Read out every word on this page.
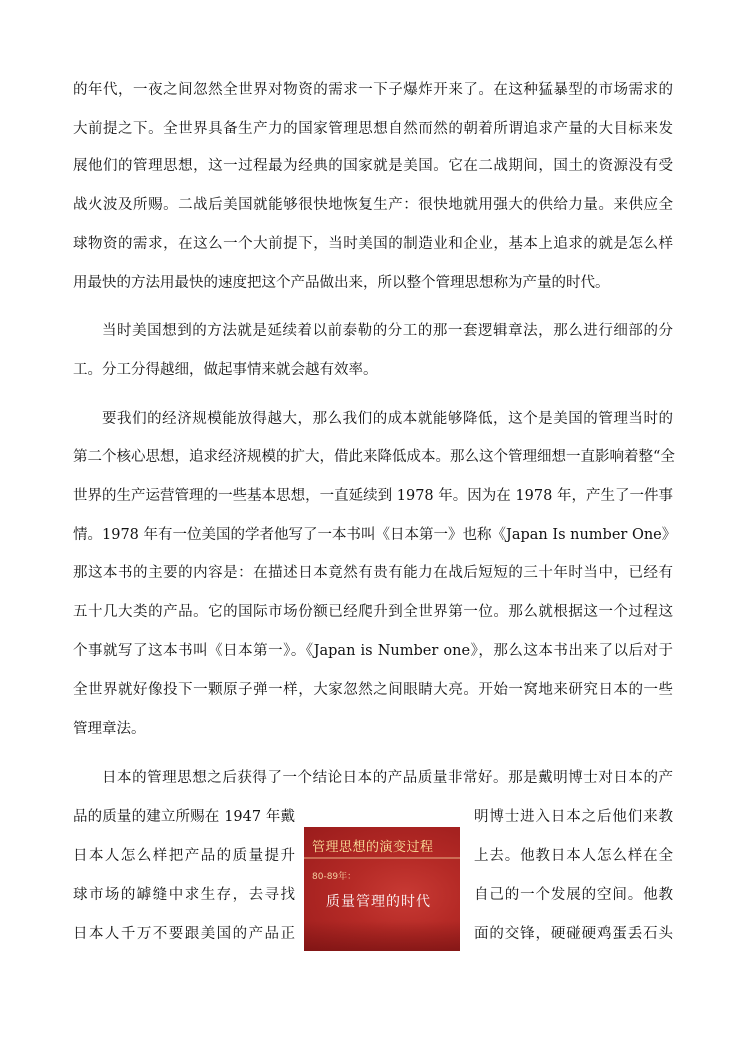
的年代，一夜之间忽然全世界对物资的需求一下子爆炸开来了。在这种猛暴型的市场需求的
大前提之下。全世界具备生产力的国家管理思想自然而然的朝着所谓追求产量的大目标来发
展他们的管理思想，这一过程最为经典的国家就是美国。它在二战期间，国土的资源没有受
战火波及所赐。二战后美国就能够很快地恢复生产：很快地就用强大的供给力量。来供应全
球物资的需求，在这么一个大前提下，当时美国的制造业和企业，基本上追求的就是怎么样
用最快的方法用最快的速度把这个产品做出来，所以整个管理思想称为产量的时代。
当时美国想到的方法就是延续着以前泰勒的分工的那一套逻辑章法，那么进行细部的分
工。分工分得越细，做起事情来就会越有效率。
要我们的经济规模能放得越大，那么我们的成本就能够降低，这个是美国的管理当时的
第二个核心思想，追求经济规模的扩大，借此来降低成本。那么这个管理细想一直影响着整“全
世界的生产运营管理的一些基本思想，一直延续到 1978 年。因为在 1978 年，产生了一件事
情。1978 年有一位美国的学者他写了一本书叫《日本第一》也称《Japan Is number One》
那这本书的主要的内容是：在描述日本竟然有贵有能力在战后短短的三十年时当中，已经有
五十几大类的产品。它的国际市场份额已经爬升到全世界第一位。那么就根据这一个过程这
个事就写了这本书叫《日本第一》。《Japan is Number one》，那么这本书出来了以后对于
全世界就好像投下一颗原子弹一样，大家忽然之间眼睛大亮。开始一窝地来研究日本的一些
管理章法。
日本的管理思想之后获得了一个结论日本的产品质量非常好。那是戴明博士对日本的产
品的质量的建立所赐在 1947 年戴	明博士进入日本之后他们来教
日本人怎么样把产品的质量提升	上去。他教日本人怎么样在全
球市场的罅缝中求生存，去寻找	自己的一个发展的空间。他教
日本人千万不要跟美国的产品正	面的交锋，硬碰硬鸡蛋丢石头
管理思想的演变过程
80-89年：
质量管理的时代
